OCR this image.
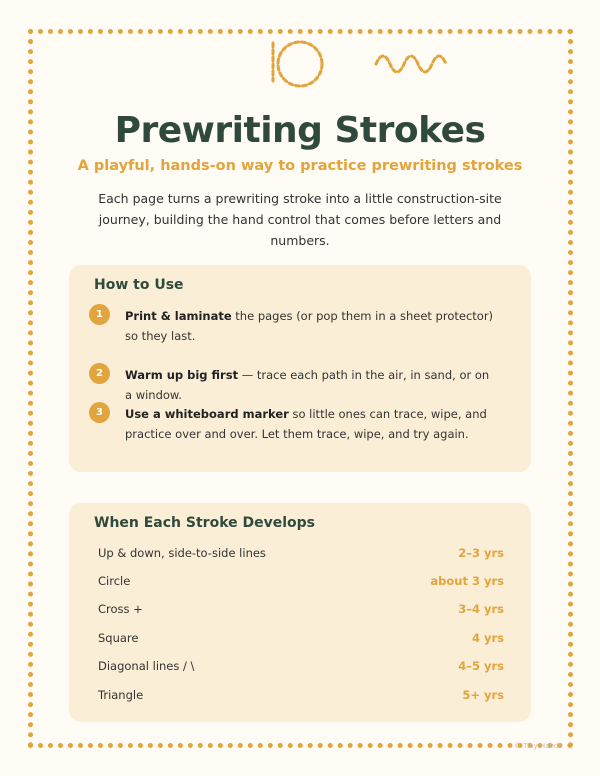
Prewriting Strokes
A playful, hands-on way to practice prewriting strokes
Each page turns a prewriting stroke into a little construction-site journey, building the hand control that comes before letters and numbers.
How to Use
1	Print & laminate the pages (or pop them in a sheet protector) so they last.
2	Warm up big first — trace each path in the air, in sand, or on a window.
3	Use a whiteboard marker so little ones can trace, wipe, and practice over and over. Let them trace, wipe, and try again.
When Each Stroke Develops
Up & down, side-to-side lines	2–3 yrs
Circle	about 3 yrs
Cross +	3–4 yrs
Square	4 yrs
Diagonal lines / \	4–5 yrs
Triangle	5+ yrs
© Tiny Hands
